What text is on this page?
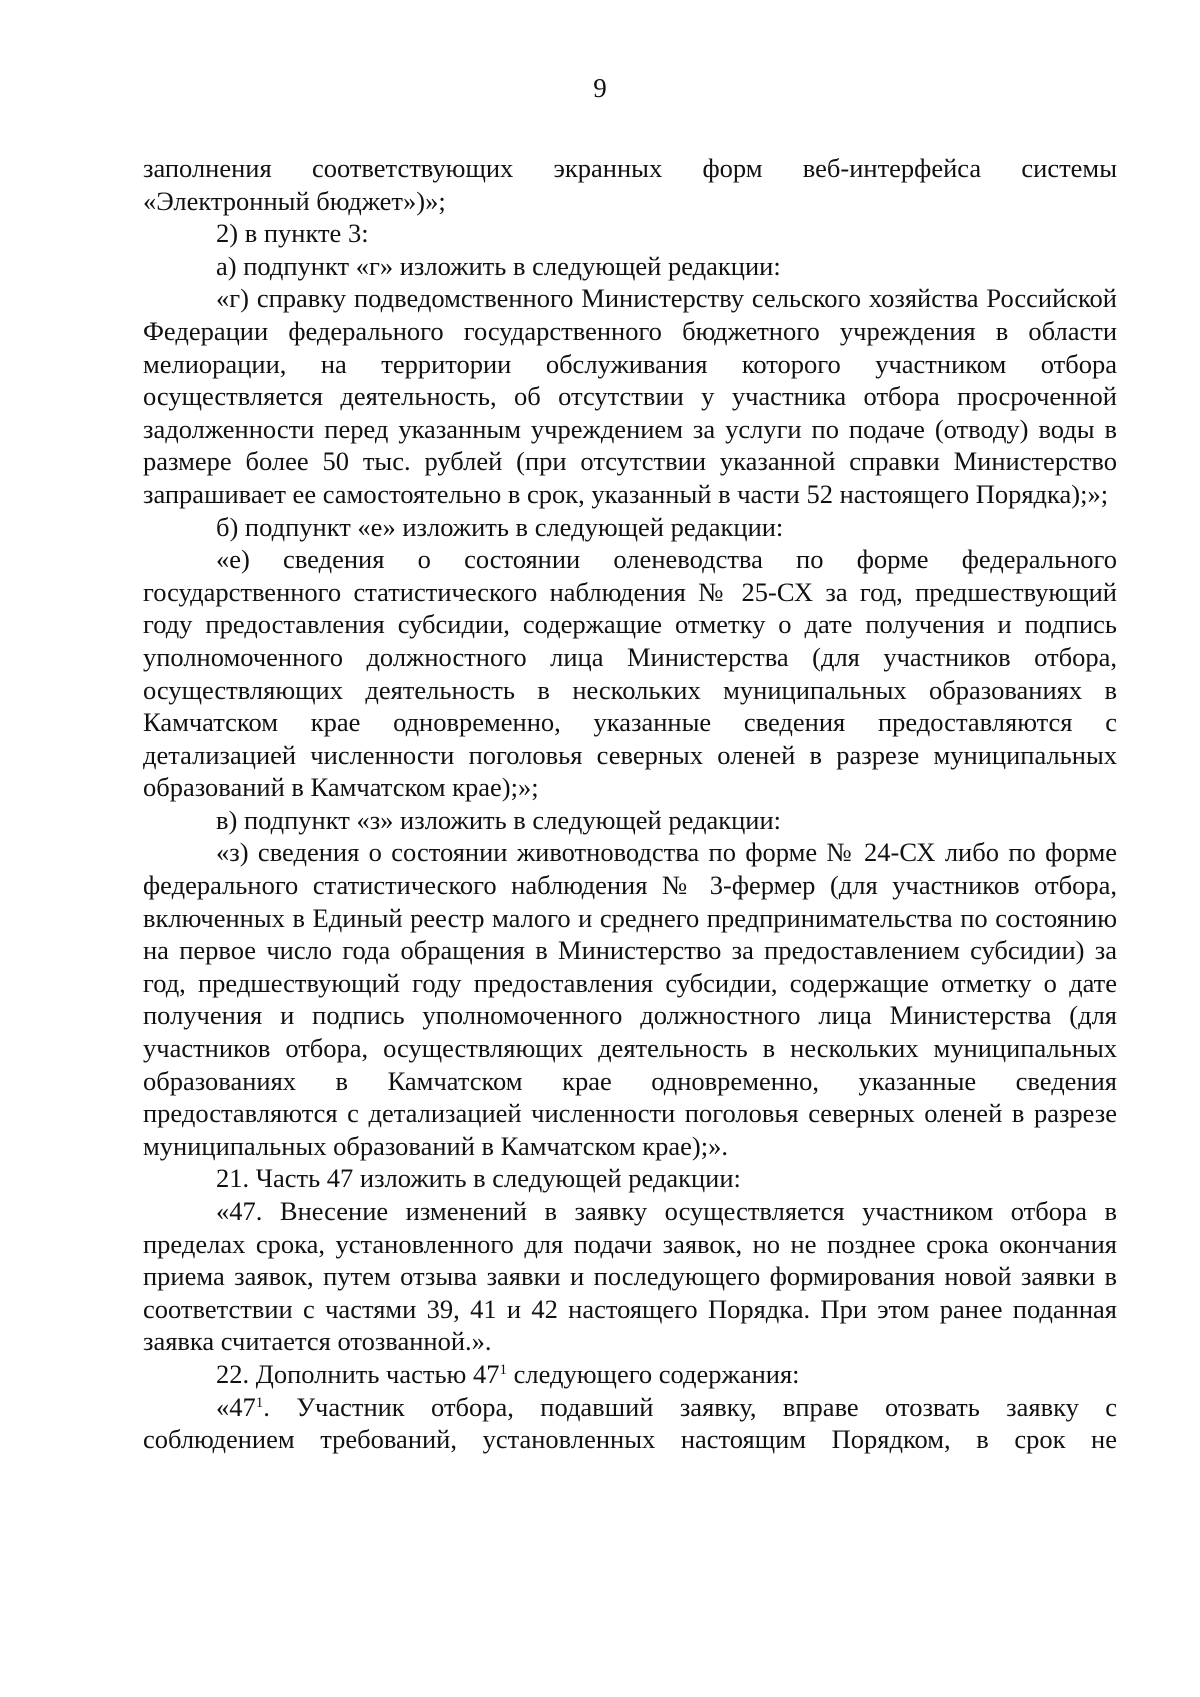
9

заполнения соответствующих экранных форм веб-интерфейса системы «Электронный бюджет»)»;

2) в пункте 3:

а) подпункт «г» изложить в следующей редакции:

«г) справку подведомственного Министерству сельского хозяйства Российской Федерации федерального государственного бюджетного учреждения в области мелиорации, на территории обслуживания которого участником отбора осуществляется деятельность, об отсутствии у участника отбора просроченной задолженности перед указанным учреждением за услуги по подаче (отводу) воды в размере более 50 тыс. рублей (при отсутствии указанной справки Министерство запрашивает ее самостоятельно в срок, указанный в части 52 настоящего Порядка);»;

б) подпункт «е» изложить в следующей редакции:

«е) сведения о состоянии оленеводства по форме федерального государственного статистического наблюдения № 25-СХ за год, предшествующий году предоставления субсидии, содержащие отметку о дате получения и подпись уполномоченного должностного лица Министерства (для участников отбора, осуществляющих деятельность в нескольких муниципальных образованиях в Камчатском крае одновременно, указанные сведения предоставляются с детализацией численности поголовья северных оленей в разрезе муниципальных образований в Камчатском крае);»;

в) подпункт «з» изложить в следующей редакции:

«з) сведения о состоянии животноводства по форме № 24-СХ либо по форме федерального статистического наблюдения № 3-фермер (для участников отбора, включенных в Единый реестр малого и среднего предпринимательства по состоянию на первое число года обращения в Министерство за предоставлением субсидии) за год, предшествующий году предоставления субсидии, содержащие отметку о дате получения и подпись уполномоченного должностного лица Министерства (для участников отбора, осуществляющих деятельность в нескольких муниципальных образованиях в Камчатском крае одновременно, указанные сведения предоставляются с детализацией численности поголовья северных оленей в разрезе муниципальных образований в Камчатском крае);».

21. Часть 47 изложить в следующей редакции:

«47. Внесение изменений в заявку осуществляется участником отбора в пределах срока, установленного для подачи заявок, но не позднее срока окончания приема заявок, путем отзыва заявки и последующего формирования новой заявки в соответствии с частями 39, 41 и 42 настоящего Порядка. При этом ранее поданная заявка считается отозванной.».

22. Дополнить частью $47^1$ следующего содержания:

«$47^1$. Участник отбора, подавший заявку, вправе отозвать заявку с соблюдением требований, установленных настоящим Порядком, в срок не
